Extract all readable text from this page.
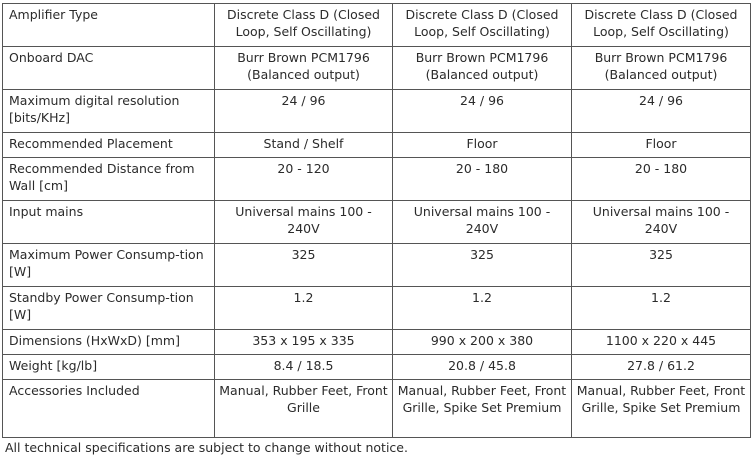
Amplifier Type	Discrete Class D (Closed Loop, Self Oscillating)	Discrete Class D (Closed Loop, Self Oscillating)	Discrete Class D (Closed Loop, Self Oscillating)
Onboard DAC	Burr Brown PCM1796 (Balanced output)	Burr Brown PCM1796 (Balanced output)	Burr Brown PCM1796 (Balanced output)
Maximum digital resolution [bits/KHz]	24 / 96	24 / 96	24 / 96
Recommended Placement	Stand / Shelf	Floor	Floor
Recommended Distance from Wall [cm]	20 - 120	20 - 180	20 - 180
Input mains	Universal mains 100 - 240V	Universal mains 100 - 240V	Universal mains 100 - 240V
Maximum Power Consump-tion [W]	325	325	325
Standby Power Consump-tion [W]	1.2	1.2	1.2
Dimensions (HxWxD) [mm]	353 x 195 x 335	990 x 200 x 380	1100 x 220 x 445
Weight [kg/lb]	8.4 / 18.5	20.8 / 45.8	27.8 / 61.2
Accessories Included	Manual, Rubber Feet, Front Grille	Manual, Rubber Feet, Front Grille, Spike Set Premium	Manual, Rubber Feet, Front Grille, Spike Set Premium
All technical specifications are subject to change without notice.
